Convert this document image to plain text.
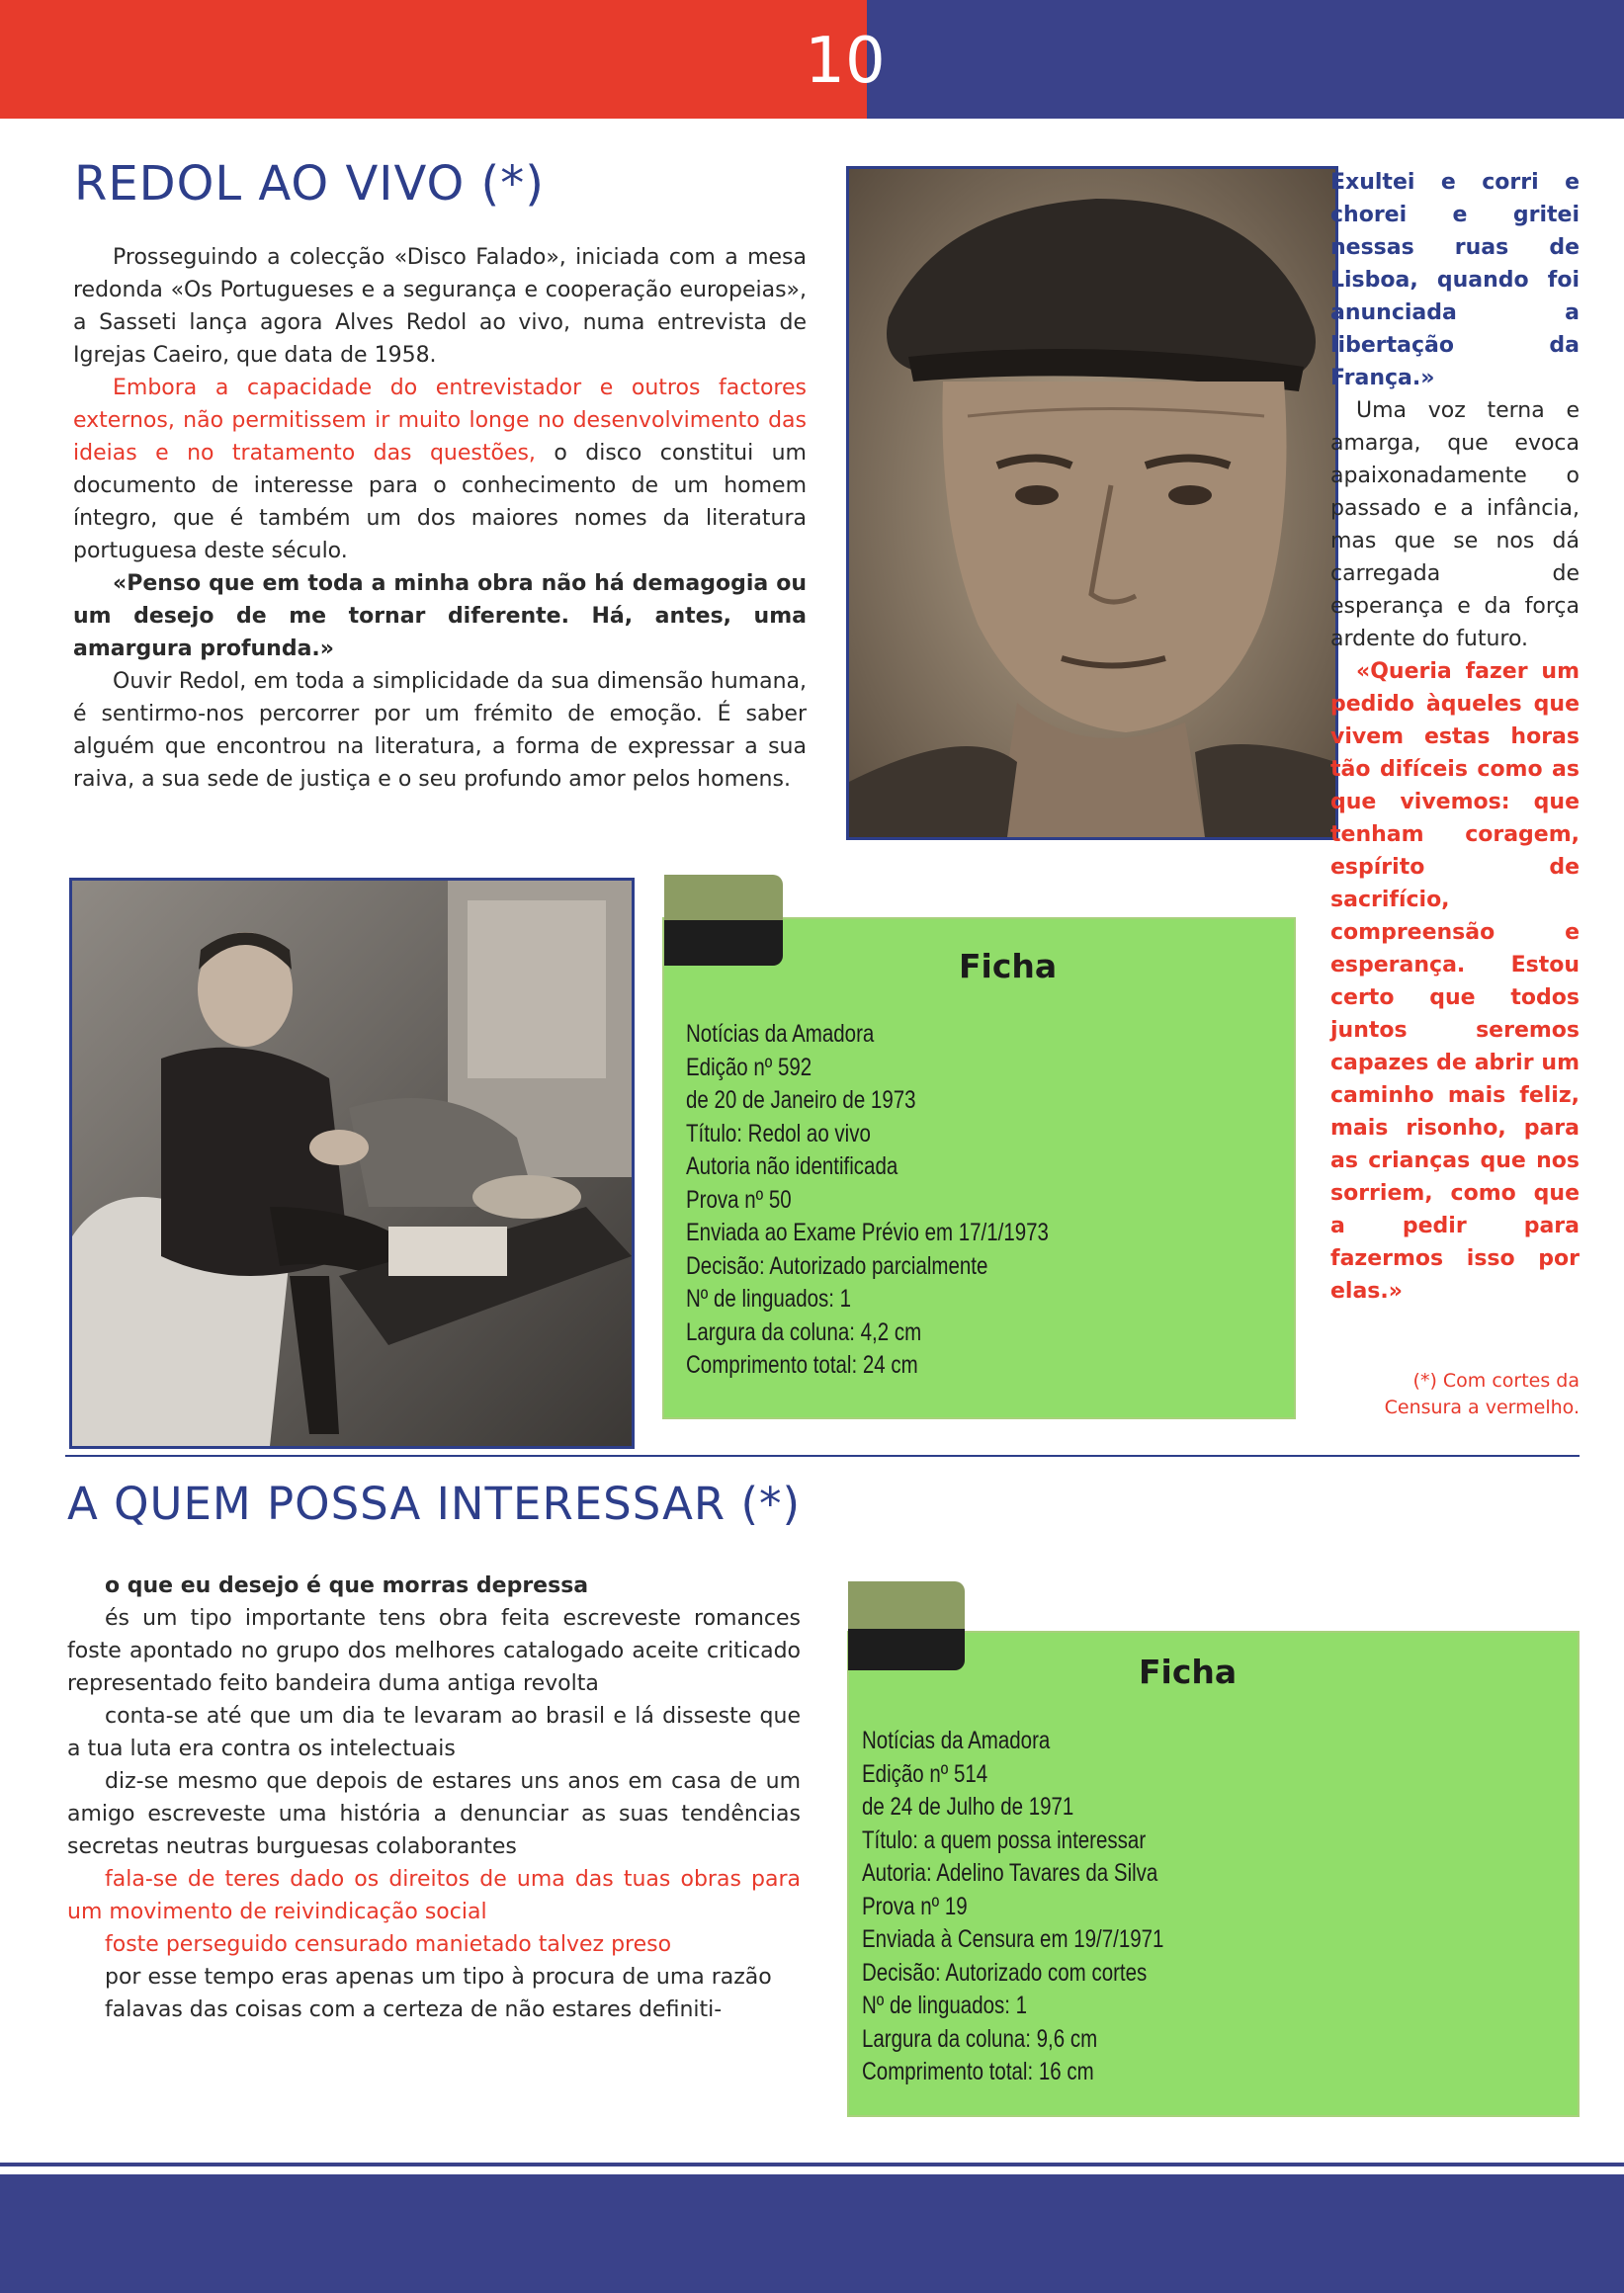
10
REDOL AO VIVO (*)

Prosseguindo a colecção «Disco Falado», iniciada com a mesa redonda «Os Portugueses e a segurança e cooperação europeias», a Sasseti lança agora Alves Redol ao vivo, numa entrevista de Igrejas Caeiro, que data de 1958.

Embora a capacidade do entrevistador e outros factores externos, não permitissem ir muito longe no desenvolvimento das ideias e no tratamento das questões, o disco constitui um documento de interesse para o conhecimento de um homem íntegro, que é também um dos maiores nomes da literatura portuguesa deste século.

«Penso que em toda a minha obra não há demagogia ou um desejo de me tornar diferente. Há, antes, uma amargura profunda.»

Ouvir Redol, em toda a simplicidade da sua dimensão humana, é sentirmo-nos percorrer por um frémito de emoção. É saber alguém que encontrou na literatura, a forma de expressar a sua raiva, a sua sede de justiça e o seu profundo amor pelos homens.

Exultei e corri e chorei e gritei nessas ruas de Lisboa, quando foi anunciada a libertação da França.»

Uma voz terna e amarga, que evoca apaixonadamente o passado e a infância, mas que se nos dá carregada de esperança e da força ardente do futuro.

«Queria fazer um pedido àqueles que vivem estas horas tão difíceis como as que vivemos: que tenham coragem, espírito de sacrifício, compreensão e esperança. Estou certo que todos juntos seremos capazes de abrir um caminho mais feliz, mais risonho, para as crianças que nos sorriem, como que a pedir para fazermos isso por elas.»

(*) Com cortes da
Censura a vermelho.
Ficha
Notícias da Amadora
Edição nº 592
de 20 de Janeiro de 1973
Título: Redol ao vivo
Autoria não identificada
Prova nº 50
Enviada ao Exame Prévio em 17/1/1973
Decisão: Autorizado parcialmente
Nº de linguados: 1
Largura da coluna: 4,2 cm
Comprimento total: 24 cm
A QUEM POSSA INTERESSAR (*)

o que eu desejo é que morras depressa

és um tipo importante tens obra feita escreveste romances foste apontado no grupo dos melhores catalogado aceite criticado representado feito bandeira duma antiga revolta

conta-se até que um dia te levaram ao brasil e lá disseste que a tua luta era contra os intelectuais

diz-se mesmo que depois de estares uns anos em casa de um amigo escreveste uma história a denunciar as suas tendências secretas neutras burguesas colaborantes

fala-se de teres dado os direitos de uma das tuas obras para um movimento de reivindicação social

foste perseguido censurado manietado talvez preso

por esse tempo eras apenas um tipo à procura de uma razão

falavas das coisas com a certeza de não estares definiti-

Ficha
Notícias da Amadora
Edição nº 514
de 24 de Julho de 1971
Título: a quem possa interessar
Autoria: Adelino Tavares da Silva
Prova nº 19
Enviada à Censura em 19/7/1971
Decisão: Autorizado com cortes
Nº de linguados: 1
Largura da coluna: 9,6 cm
Comprimento total: 16 cm
